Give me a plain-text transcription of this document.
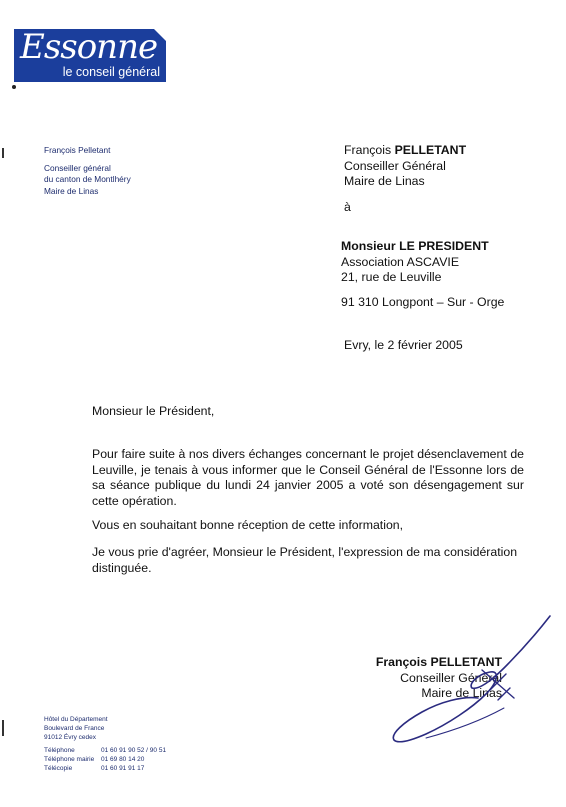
Essonne
le conseil général
François Pelletant
Conseiller général
du canton de Montlhéry
Maire de Linas
François PELLETANT
Conseiller Général
Maire de Linas
à
Monsieur LE PRESIDENT
Association ASCAVIE
21, rue de Leuville
91 310 Longpont – Sur - Orge
Evry, le 2 février 2005
Monsieur le Président,
Pour faire suite à nos divers échanges concernant le projet désenclavement de Leuville, je tenais à vous informer que le Conseil Général de l'Essonne lors de sa séance publique du lundi 24 janvier 2005 a voté son désengagement sur cette opération.
Vous en souhaitant bonne réception de cette information,
Je vous prie d'agréer, Monsieur le Président, l'expression de ma considération distinguée.
François PELLETANT
Conseiller Général
Maire de Linas
Hôtel du Département
Boulevard de France
91012 Évry cedex
Téléphone	01 60 91 90 52 / 90 51
Téléphone mairie 01 69 80 14 20
Télécopie	01 60 91 91 17
